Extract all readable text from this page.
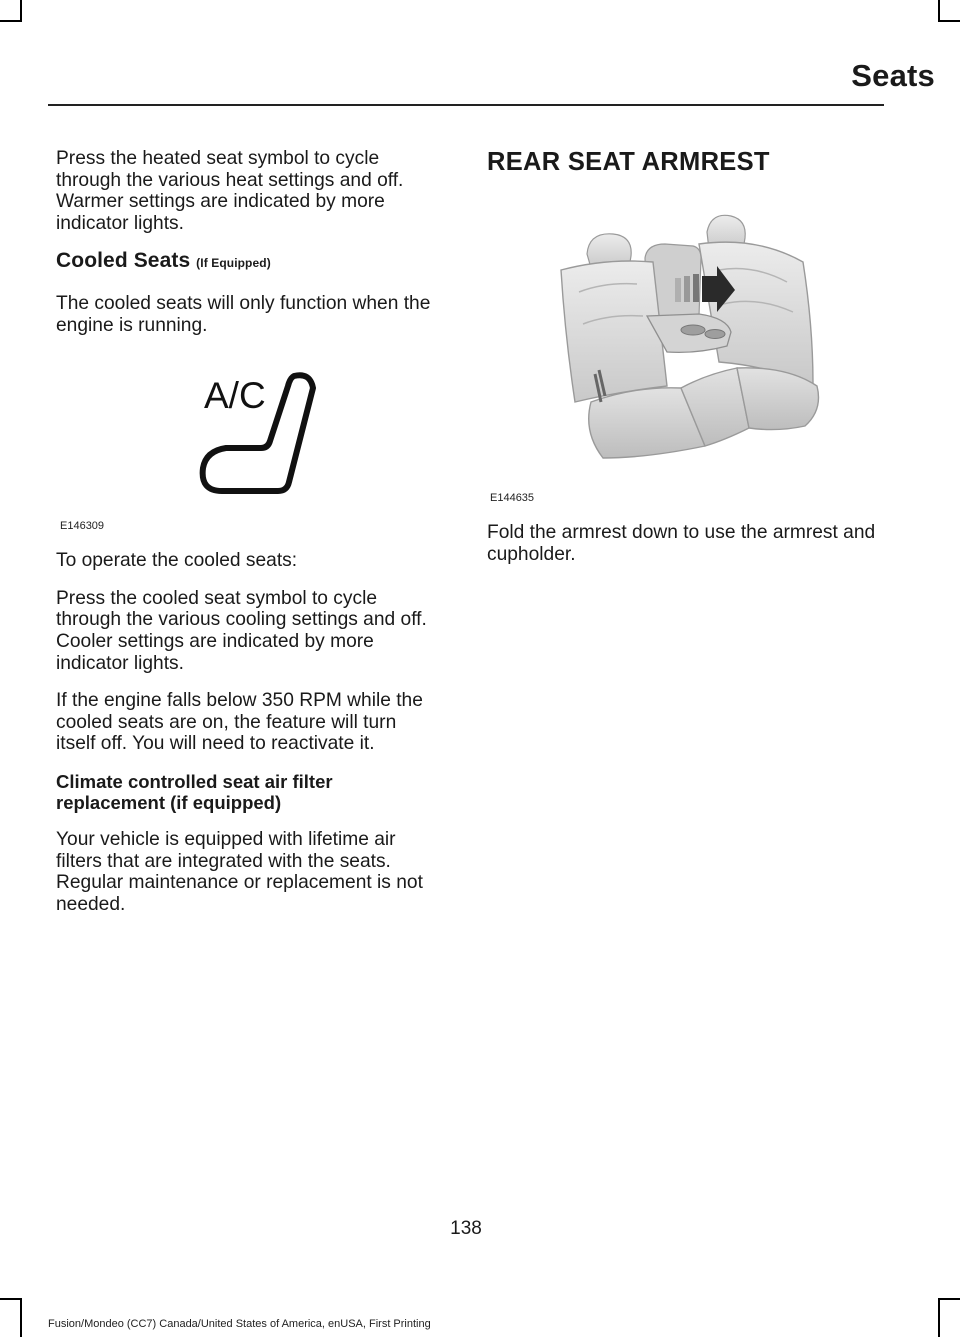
Seats

Press the heated seat symbol to cycle through the various heat settings and off. Warmer settings are indicated by more indicator lights.

Cooled Seats (If Equipped)

The cooled seats will only function when the engine is running.

A/C
E146309

To operate the cooled seats:

Press the cooled seat symbol to cycle through the various cooling settings and off. Cooler settings are indicated by more indicator lights.

If the engine falls below 350 RPM while the cooled seats are on, the feature will turn itself off. You will need to reactivate it.

Climate controlled seat air filter replacement (if equipped)

Your vehicle is equipped with lifetime air filters that are integrated with the seats. Regular maintenance or replacement is not needed.

REAR SEAT ARMREST
E144635

Fold the armrest down to use the armrest and cupholder.

138
Fusion/Mondeo (CC7) Canada/United States of America, enUSA, First Printing
